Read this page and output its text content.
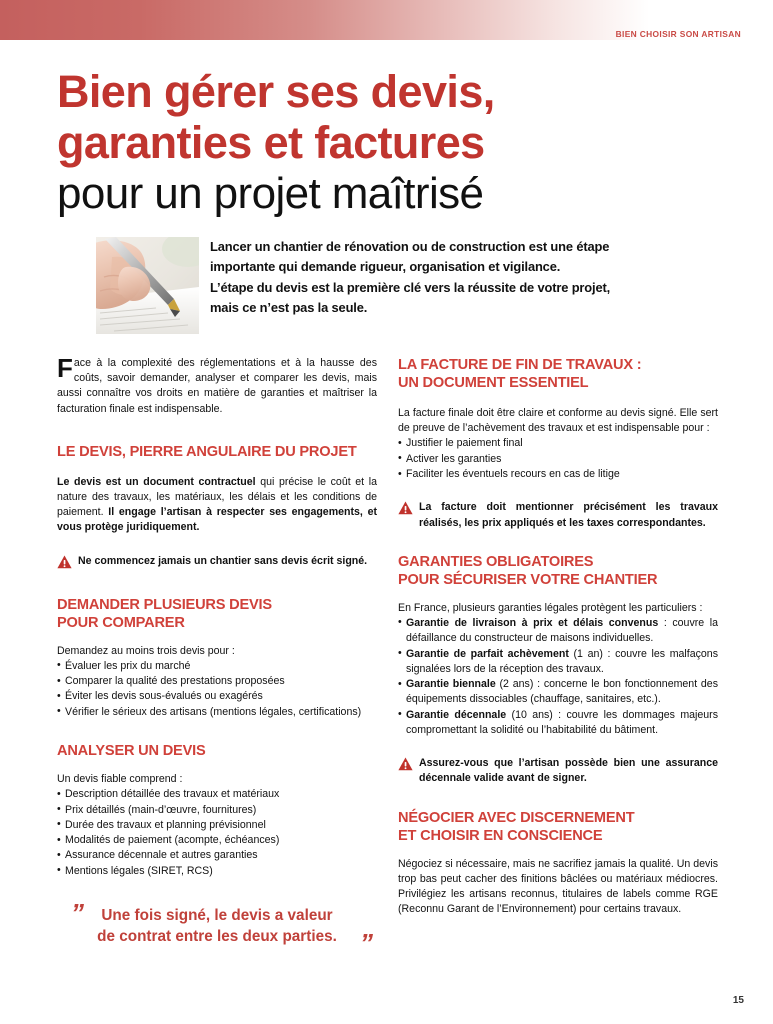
BIEN CHOISIR SON ARTISAN
Bien gérer ses devis,
garanties et factures
pour un projet maîtrisé
Lancer un chantier de rénovation ou de construction est une étape
importante qui demande rigueur, organisation et vigilance.
L’étape du devis est la première clé vers la réussite de votre projet,
mais ce n’est pas la seule.

Face à la complexité des réglementations et à la hausse des coûts, savoir demander, analyser et comparer les devis, mais aussi connaître vos droits en matière de garanties et maîtriser la facturation finale est indispensable.

LE DEVIS, PIERRE ANGULAIRE DU PROJET

Le devis est un document contractuel qui précise le coût et la nature des travaux, les matériaux, les délais et les conditions de paiement. Il engage l’artisan à respecter ses engagements, et vous protège juridiquement.

Ne commencez jamais un chantier sans devis écrit signé.
DEMANDER PLUSIEURS DEVIS
POUR COMPARER

Demandez au moins trois devis pour :

• Évaluer les prix du marché
• Comparer la qualité des prestations proposées
• Éviter les devis sous-évalués ou exagérés
• Vérifier le sérieux des artisans (mentions légales, certifications)
ANALYSER UN DEVIS

Un devis fiable comprend :

• Description détaillée des travaux et matériaux
• Prix détaillés (main-d’œuvre, fournitures)
• Durée des travaux et planning prévisionnel
• Modalités de paiement (acompte, échéances)
• Assurance décennale et autres garanties
• Mentions légales (SIRET, RCS)
”	Une fois signé, le devis a valeur
de contrat entre les deux parties. ”
LA FACTURE DE FIN DE TRAVAUX :
UN DOCUMENT ESSENTIEL

La facture finale doit être claire et conforme au devis signé. Elle sert de preuve de l’achèvement des travaux et est indispensable pour :

• Justifier le paiement final
• Activer les garanties
• Faciliter les éventuels recours en cas de litige
La facture doit mentionner précisément les travaux réalisés, les prix appliqués et les taxes correspondantes.
GARANTIES OBLIGATOIRES
POUR SÉCURISER VOTRE CHANTIER

En France, plusieurs garanties légales protègent les particuliers :

• Garantie de livraison à prix et délais convenus : couvre la défaillance du constructeur de maisons individuelles.
• Garantie de parfait achèvement (1 an) : couvre les malfaçons signalées lors de la réception des travaux.
• Garantie biennale (2 ans) : concerne le bon fonctionnement des équipements dissociables (chauffage, sanitaires, etc.).
• Garantie décennale (10 ans) : couvre les dommages majeurs compromettant la solidité ou l’habitabilité du bâtiment.
Assurez-vous que l’artisan possède bien une assurance décennale valide avant de signer.
NÉGOCIER AVEC DISCERNEMENT
ET CHOISIR EN CONSCIENCE

Négociez si nécessaire, mais ne sacrifiez jamais la qualité. Un devis trop bas peut cacher des finitions bâclées ou matériaux médiocres. Privilégiez les artisans reconnus, titulaires de labels comme RGE (Reconnu Garant de l’Environnement) pour certains travaux.

15
